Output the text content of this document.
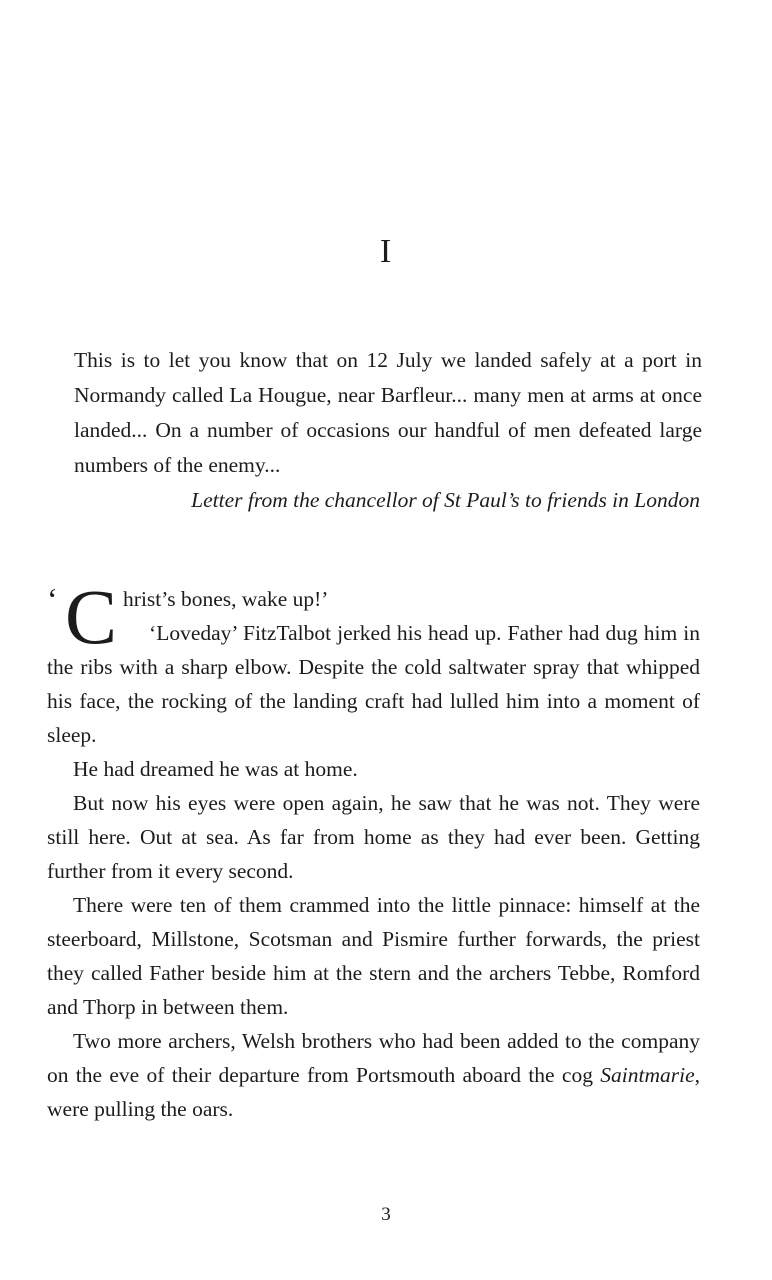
I

This is to let you know that on 12 July we landed safely at a port in Normandy called La Hougue, near Barfleur... many men at arms at once landed... On a number of occasions our handful of men defeated large numbers of the enemy...

Letter from the chancellor of St Paul’s to friends in London

‘ C hrist’s bones, wake up!’

‘Loveday’ FitzTalbot jerked his head up. Father had dug him in the ribs with a sharp elbow. Despite the cold saltwater spray that whipped his face, the rocking of the landing craft had lulled him into a moment of sleep.

He had dreamed he was at home.

But now his eyes were open again, he saw that he was not. They were still here. Out at sea. As far from home as they had ever been. Getting further from it every second.

There were ten of them crammed into the little pinnace: himself at the steerboard, Millstone, Scotsman and Pismire further forwards, the priest they called Father beside him at the stern and the archers Tebbe, Romford and Thorp in between them.

Two more archers, Welsh brothers who had been added to the company on the eve of their departure from Portsmouth aboard the cog Saintmarie, were pulling the oars.

3
